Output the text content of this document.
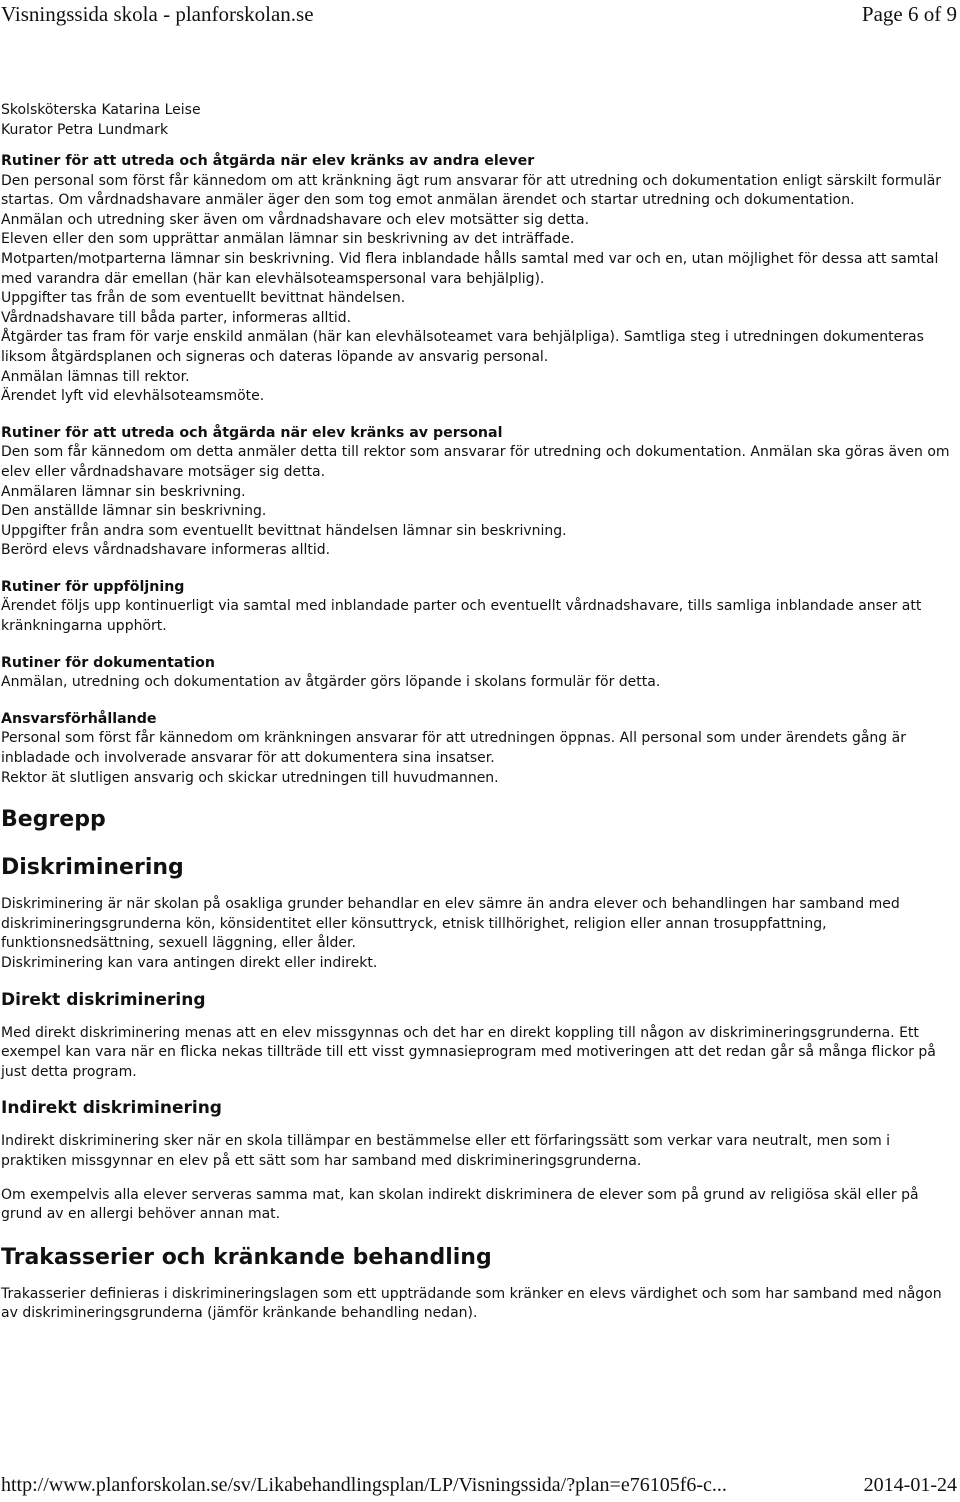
Visningssida skola - planforskolan.se	Page 6 of 9
Skolsköterska Katarina Leise
Kurator Petra Lundmark
Rutiner för att utreda och åtgärda när elev kränks av andra elever

Den personal som först får kännedom om att kränkning ägt rum ansvarar för att utredning och dokumentation enligt särskilt formulär startas. Om vårdnadshavare anmäler äger den som tog emot anmälan ärendet och startar utredning och dokumentation.

Anmälan och utredning sker även om vårdnadshavare och elev motsätter sig detta.

Eleven eller den som upprättar anmälan lämnar sin beskrivning av det inträffade.

Motparten/motparterna lämnar sin beskrivning. Vid flera inblandade hålls samtal med var och en, utan möjlighet för dessa att samtal med varandra där emellan (här kan elevhälsoteamspersonal vara behjälplig).

Uppgifter tas från de som eventuellt bevittnat händelsen.

Vårdnadshavare till båda parter, informeras alltid.

Åtgärder tas fram för varje enskild anmälan (här kan elevhälsoteamet vara behjälpliga). Samtliga steg i utredningen dokumenteras liksom åtgärdsplanen och signeras och dateras löpande av ansvarig personal.

Anmälan lämnas till rektor.

Ärendet lyft vid elevhälsoteamsmöte.

Rutiner för att utreda och åtgärda när elev kränks av personal

Den som får kännedom om detta anmäler detta till rektor som ansvarar för utredning och dokumentation. Anmälan ska göras även om elev eller vårdnadshavare motsäger sig detta.

Anmälaren lämnar sin beskrivning.

Den anställde lämnar sin beskrivning.

Uppgifter från andra som eventuellt bevittnat händelsen lämnar sin beskrivning.

Berörd elevs vårdnadshavare informeras alltid.

Rutiner för uppföljning

Ärendet följs upp kontinuerligt via samtal med inblandade parter och eventuellt vårdnadshavare, tills samliga inblandade anser att kränkningarna upphört.

Rutiner för dokumentation

Anmälan, utredning och dokumentation av åtgärder görs löpande i skolans formulär för detta.

Ansvarsförhållande

Personal som först får kännedom om kränkningen ansvarar för att utredningen öppnas. All personal som under ärendets gång är inbladade och involverade ansvarar för att dokumentera sina insatser.

Rektor ät slutligen ansvarig och skickar utredningen till huvudmannen.

Begrepp
Diskriminering

Diskriminering är när skolan på osakliga grunder behandlar en elev sämre än andra elever och behandlingen har samband med diskrimineringsgrunderna kön, könsidentitet eller könsuttryck, etnisk tillhörighet, religion eller annan trosuppfattning, funktionsnedsättning, sexuell läggning, eller ålder.

Diskriminering kan vara antingen direkt eller indirekt.

Direkt diskriminering

Med direkt diskriminering menas att en elev missgynnas och det har en direkt koppling till någon av diskrimineringsgrunderna. Ett exempel kan vara när en flicka nekas tillträde till ett visst gymnasieprogram med motiveringen att det redan går så många flickor på just detta program.

Indirekt diskriminering

Indirekt diskriminering sker när en skola tillämpar en bestämmelse eller ett förfaringssätt som verkar vara neutralt, men som i praktiken missgynnar en elev på ett sätt som har samband med diskrimineringsgrunderna.

Om exempelvis alla elever serveras samma mat, kan skolan indirekt diskriminera de elever som på grund av religiösa skäl eller på grund av en allergi behöver annan mat.

Trakasserier och kränkande behandling

Trakasserier definieras i diskrimineringslagen som ett uppträdande som kränker en elevs värdighet och som har samband med någon av diskrimineringsgrunderna (jämför kränkande behandling nedan).

http://www.planforskolan.se/sv/Likabehandlingsplan/LP/Visningssida/?plan=e76105f6-c...	2014-01-24
